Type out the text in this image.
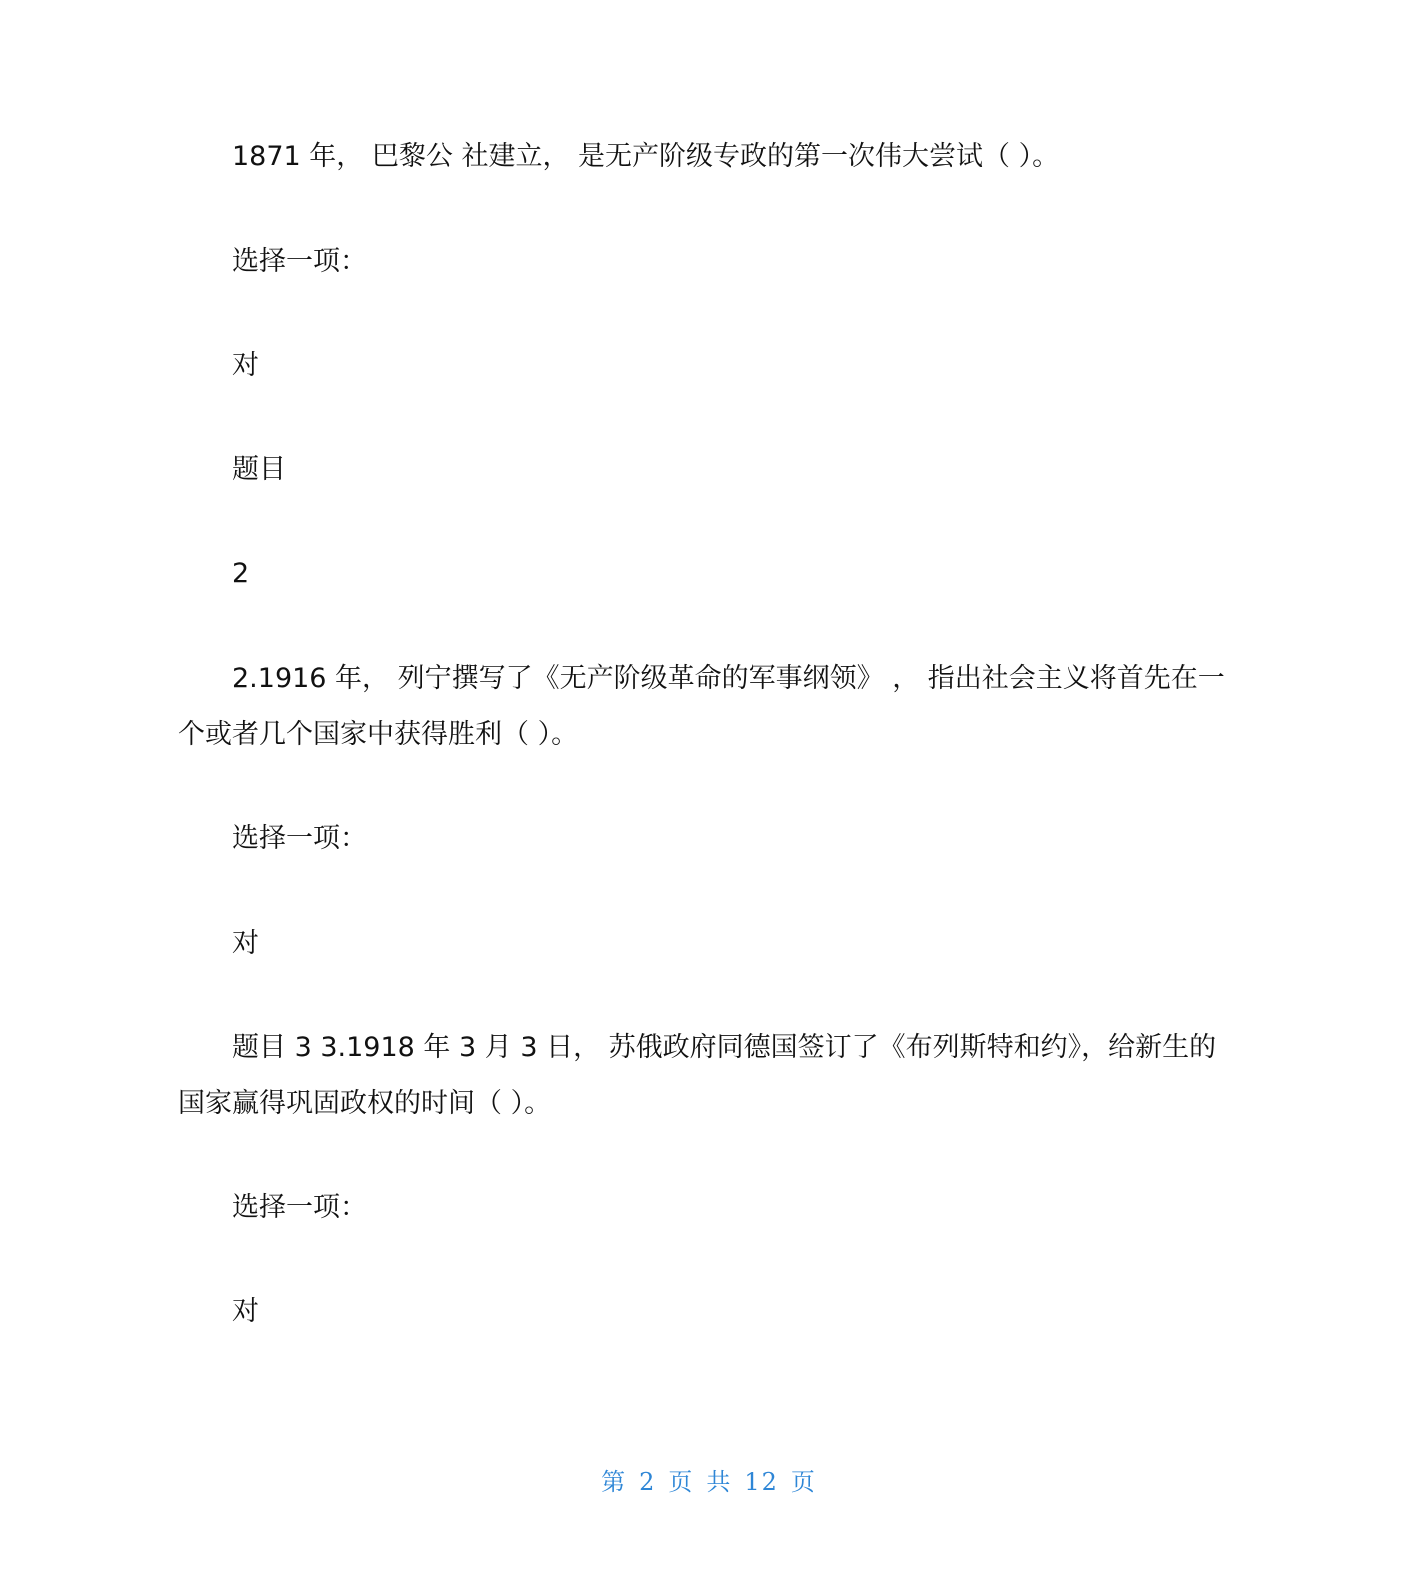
1871 年， 巴黎公 社建立， 是无产阶级专政的第一次伟大尝试（ ）。

选择一项：

对

题目

2

2.1916 年， 列宁撰写了《无产阶级革命的军事纲领》 ， 指出社会主义将首先在一个或者几个国家中获得胜利（ ）。

选择一项：

对

题目 3 3.1918 年 3 月 3 日， 苏俄政府同德国签订了《布列斯特和约》，给新生的国家赢得巩固政权的时间（ ）。

选择一项：

对

第 2 页 共 12 页
